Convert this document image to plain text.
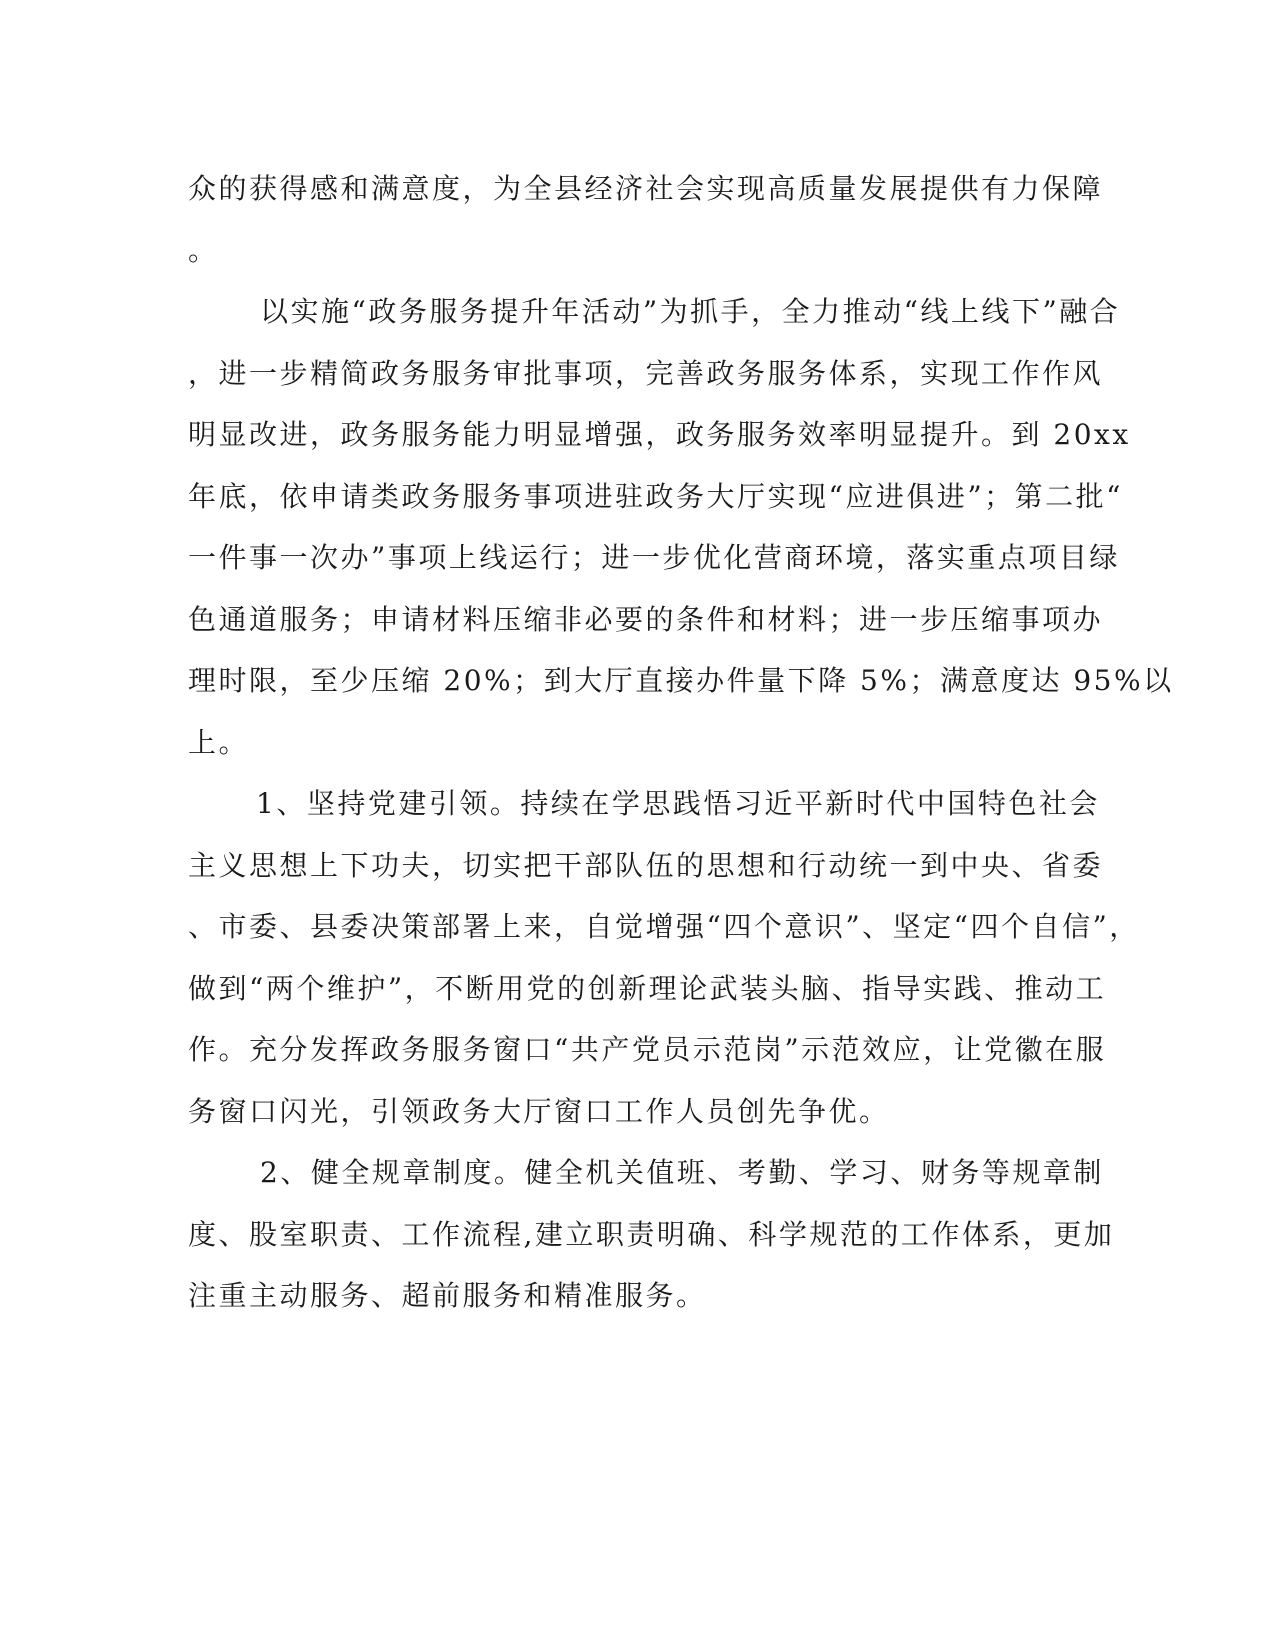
众的获得感和满意度，为全县经济社会实现高质量发展提供有力保障
。
以实施“政务服务提升年活动”为抓手，全力推动“线上线下”融合
，进一步精简政务服务审批事项，完善政务服务体系，实现工作作风
明显改进，政务服务能力明显增强，政务服务效率明显提升。到 20xx
年底，依申请类政务服务事项进驻政务大厅实现“应进俱进”；第二批“
一件事一次办”事项上线运行；进一步优化营商环境，落实重点项目绿
色通道服务；申请材料压缩非必要的条件和材料；进一步压缩事项办
理时限，至少压缩 20%；到大厅直接办件量下降 5%；满意度达 95%以
上。
1、坚持党建引领。持续在学思践悟习近平新时代中国特色社会
主义思想上下功夫，切实把干部队伍的思想和行动统一到中央、省委
、市委、县委决策部署上来，自觉增强“四个意识”、坚定“四个自信”，
做到“两个维护”，不断用党的创新理论武装头脑、指导实践、推动工
作。充分发挥政务服务窗口“共产党员示范岗”示范效应，让党徽在服
务窗口闪光，引领政务大厅窗口工作人员创先争优。
2、健全规章制度。健全机关值班、考勤、学习、财务等规章制
度、股室职责、工作流程,建立职责明确、科学规范的工作体系，更加
注重主动服务、超前服务和精准服务。
